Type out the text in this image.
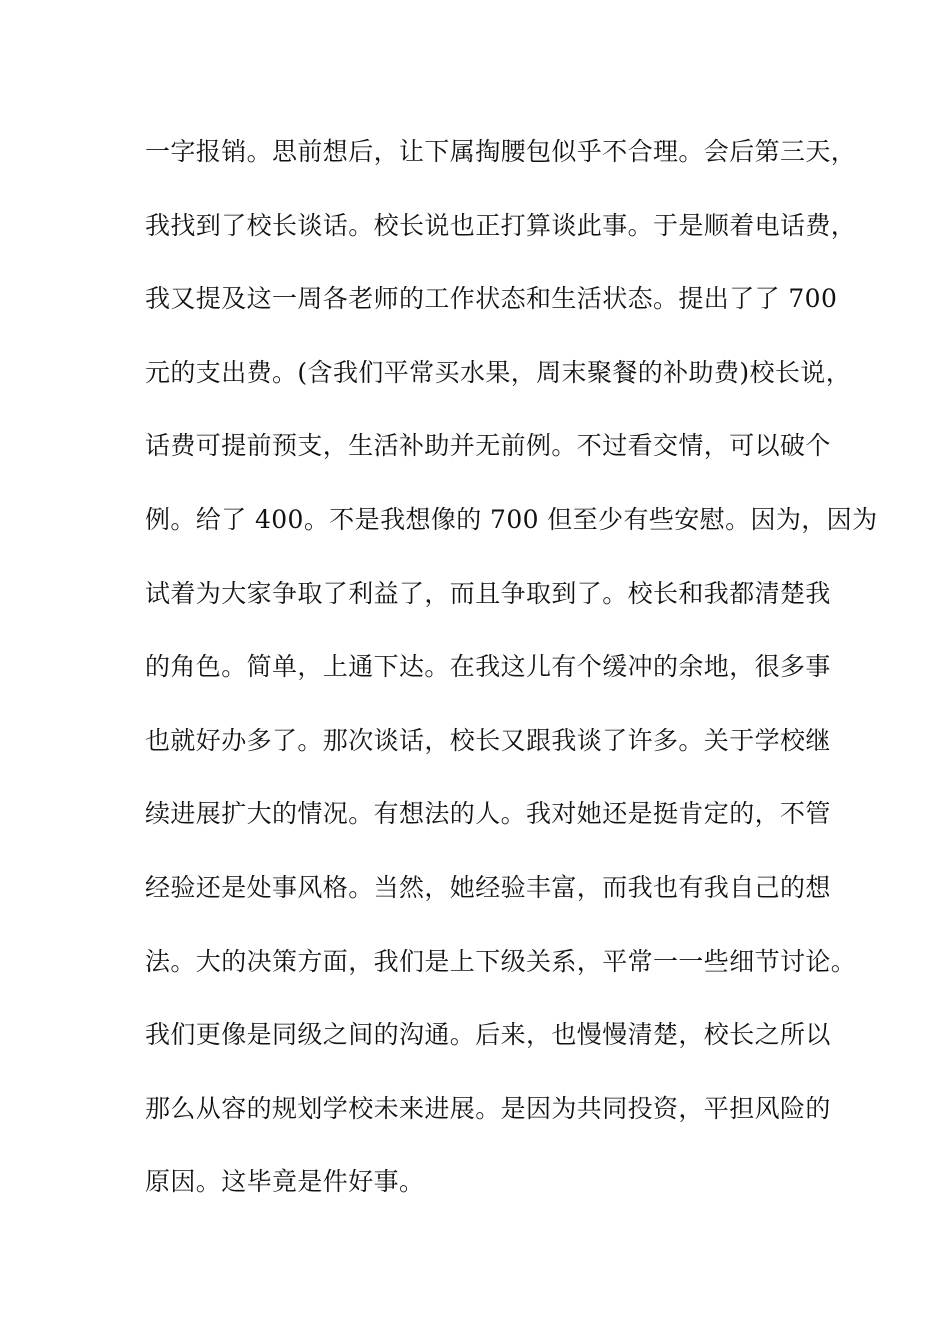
一字报销。思前想后，让下属掏腰包似乎不合理。会后第三天，
我找到了校长谈话。校长说也正打算谈此事。于是顺着电话费，
我又提及这一周各老师的工作状态和生活状态。提出了了 700
元的支出费。(含我们平常买水果，周末聚餐的补助费)校长说，
话费可提前预支，生活补助并无前例。不过看交情，可以破个
例。给了 400。不是我想像的 700 但至少有些安慰。因为，因为
试着为大家争取了利益了，而且争取到了。校长和我都清楚我
的角色。简单，上通下达。在我这儿有个缓冲的余地，很多事
也就好办多了。那次谈话，校长又跟我谈了许多。关于学校继
续进展扩大的情况。有想法的人。我对她还是挺肯定的，不管
经验还是处事风格。当然，她经验丰富，而我也有我自己的想
法。大的决策方面，我们是上下级关系，平常一一些细节讨论。
我们更像是同级之间的沟通。后来，也慢慢清楚，校长之所以
那么从容的规划学校未来进展。是因为共同投资，平担风险的
原因。这毕竟是件好事。
